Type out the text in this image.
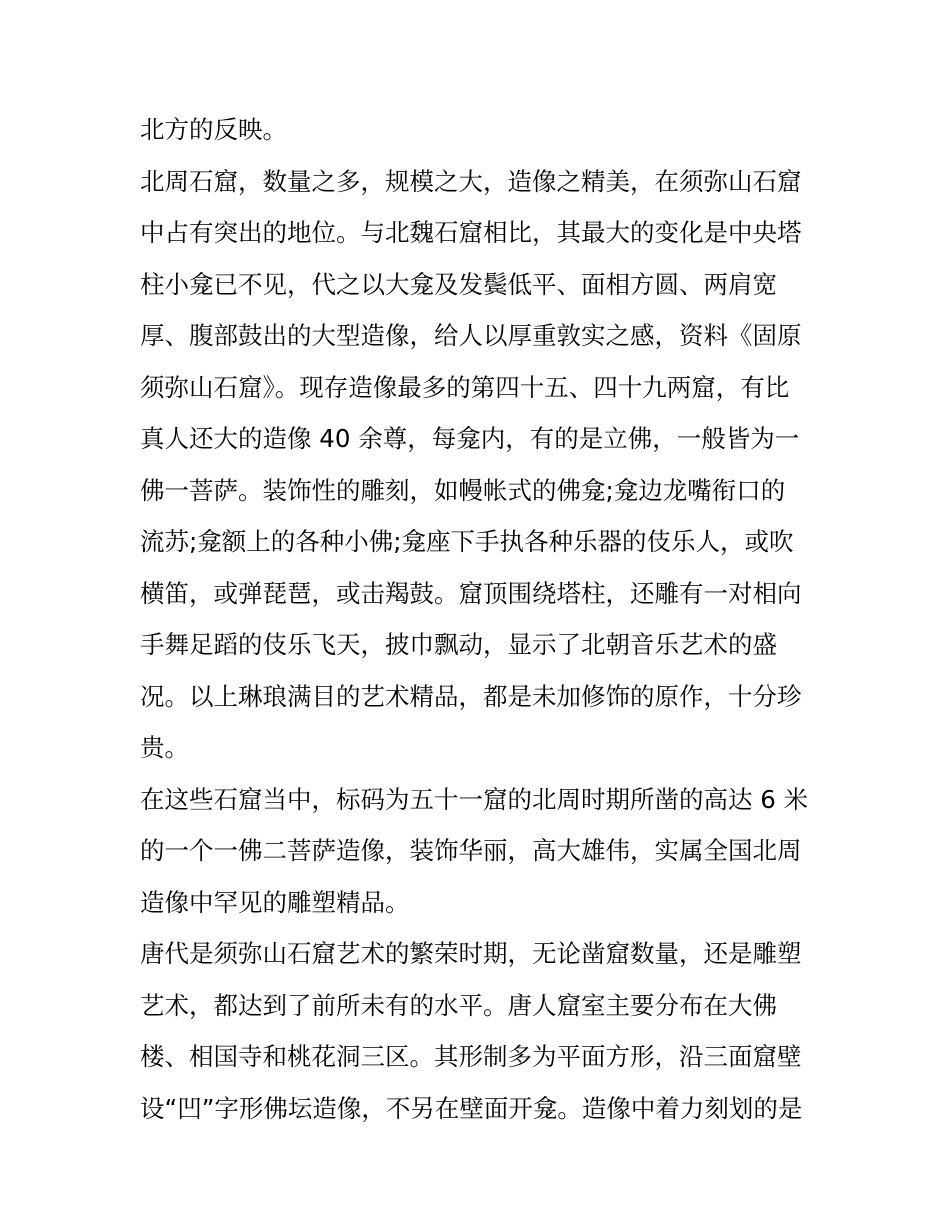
北方的反映。
北周石窟，数量之多，规模之大，造像之精美，在须弥山石窟
中占有突出的地位。与北魏石窟相比，其最大的变化是中央塔
柱小龛已不见，代之以大龛及发鬓低平、面相方圆、两肩宽
厚、腹部鼓出的大型造像，给人以厚重敦实之感，资料《固原
须弥山石窟》。现存造像最多的第四十五、四十九两窟，有比
真人还大的造像 40 余尊，每龛内，有的是立佛，一般皆为一
佛一菩萨。装饰性的雕刻，如幔帐式的佛龛;龛边龙嘴衔口的
流苏;龛额上的各种小佛;龛座下手执各种乐器的伎乐人，或吹
横笛，或弹琵琶，或击羯鼓。窟顶围绕塔柱，还雕有一对相向
手舞足蹈的伎乐飞天，披巾飘动，显示了北朝音乐艺术的盛
况。以上琳琅满目的艺术精品，都是未加修饰的原作，十分珍
贵。
在这些石窟当中，标码为五十一窟的北周时期所凿的高达 6 米
的一个一佛二菩萨造像，装饰华丽，高大雄伟，实属全国北周
造像中罕见的雕塑精品。
唐代是须弥山石窟艺术的繁荣时期，无论凿窟数量，还是雕塑
艺术，都达到了前所未有的水平。唐人窟室主要分布在大佛
楼、相国寺和桃花洞三区。其形制多为平面方形，沿三面窟壁
设“凹”字形佛坛造像，不另在壁面开龛。造像中着力刻划的是
